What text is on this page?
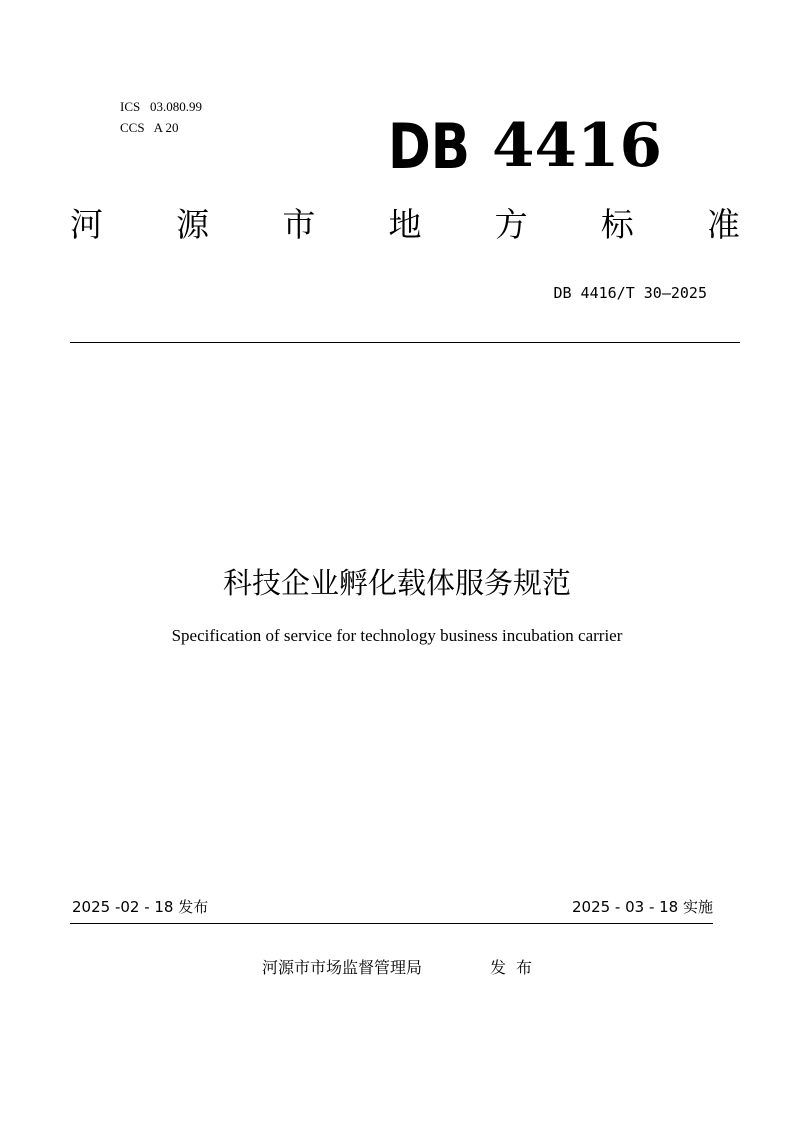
ICS   03.080.99
CCS   A 20	DB 4416
河 源 市 地 方 标 准
DB 4416/T 30—2025
科技企业孵化载体服务规范
Specification of service for technology business incubation carrier
2025 -02 - 18 发布	2025 - 03 - 18 实施
河源市市场监督管理局	发布
